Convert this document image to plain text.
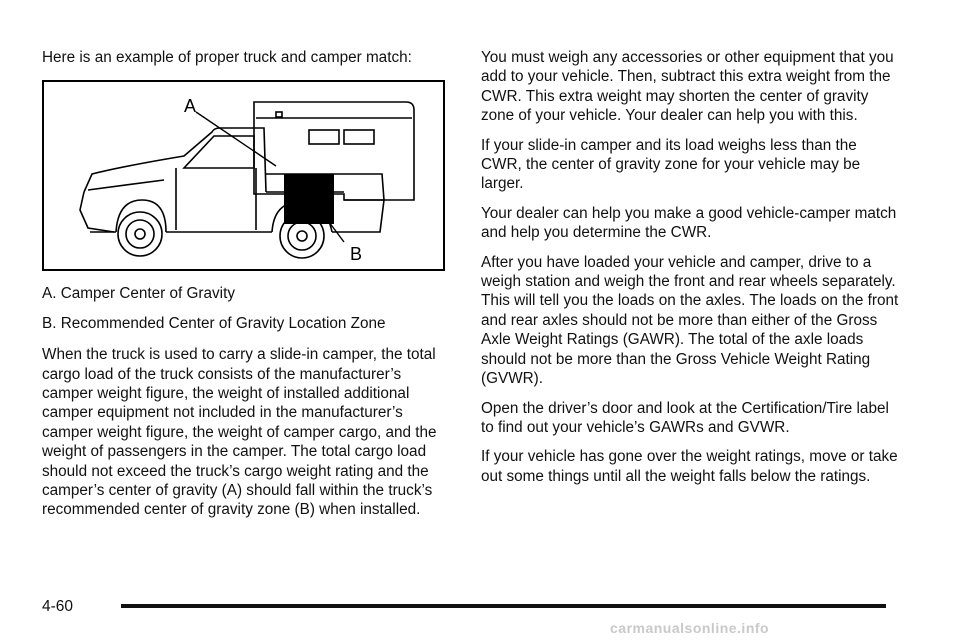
Here is an example of proper truck and camper match:

A
B

A. Camper Center of Gravity

B. Recommended Center of Gravity Location Zone

When the truck is used to carry a slide-in camper, the total cargo load of the truck consists of the manufacturer’s camper weight figure, the weight of installed additional camper equipment not included in the manufacturer’s camper weight figure, the weight of camper cargo, and the weight of passengers in the camper. The total cargo load should not exceed the truck’s cargo weight rating and the camper’s center of gravity (A) should fall within the truck’s recommended center of gravity zone (B) when installed.

You must weigh any accessories or other equipment that you add to your vehicle. Then, subtract this extra weight from the CWR. This extra weight may shorten the center of gravity zone of your vehicle. Your dealer can help you with this.

If your slide-in camper and its load weighs less than the CWR, the center of gravity zone for your vehicle may be larger.

Your dealer can help you make a good vehicle-camper match and help you determine the CWR.

After you have loaded your vehicle and camper, drive to a weigh station and weigh the front and rear wheels separately. This will tell you the loads on the axles. The loads on the front and rear axles should not be more than either of the Gross Axle Weight Ratings (GAWR). The total of the axle loads should not be more than the Gross Vehicle Weight Rating (GVWR).

Open the driver’s door and look at the Certification/Tire label to find out your vehicle’s GAWRs and GVWR.

If your vehicle has gone over the weight ratings, move or take out some things until all the weight falls below the ratings.

4-60
carmanualsonline.info
